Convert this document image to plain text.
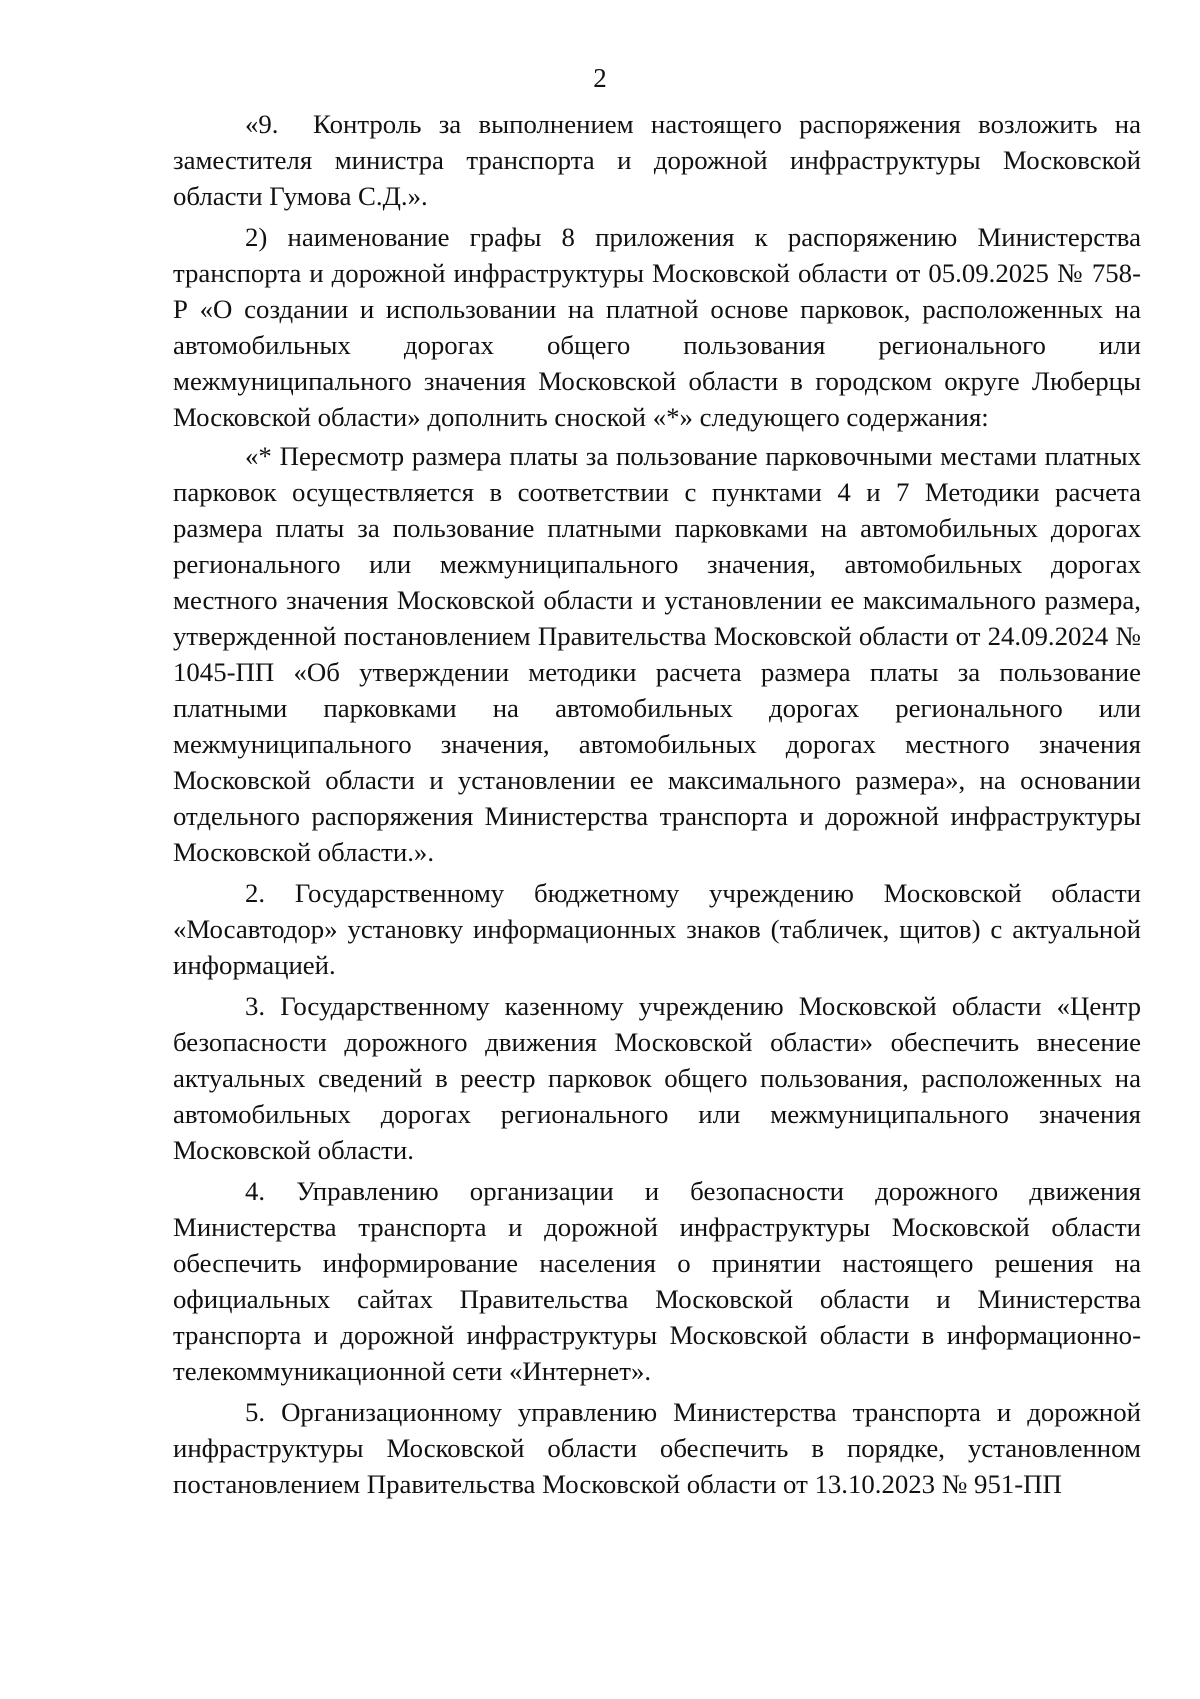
2

«9.  Контроль за выполнением настоящего распоряжения возложить на заместителя министра транспорта и дорожной инфраструктуры Московской области Гумова С.Д.».

2) наименование графы 8 приложения к распоряжению Министерства транспорта и дорожной инфраструктуры Московской области от 05.09.2025 № 758-Р «О создании и использовании на платной основе парковок, расположенных на автомобильных дорогах общего пользования регионального или межмуниципального значения Московской области в городском округе Люберцы Московской области» дополнить сноской «*» следующего содержания:

«* Пересмотр размера платы за пользование парковочными местами платных парковок осуществляется в соответствии с пунктами 4 и 7 Методики расчета размера платы за пользование платными парковками на автомобильных дорогах регионального или межмуниципального значения, автомобильных дорогах местного значения Московской области и установлении ее максимального размера, утвержденной постановлением Правительства Московской области от 24.09.2024 № 1045-ПП «Об утверждении методики расчета размера платы за пользование платными парковками на автомобильных дорогах регионального или межмуниципального значения, автомобильных дорогах местного значения Московской области и установлении ее максимального размера», на основании отдельного распоряжения Министерства транспорта и дорожной инфраструктуры Московской области.».

2. Государственному бюджетному учреждению Московской области «Мосавтодор» установку информационных знаков (табличек, щитов) с актуальной информацией.

3. Государственному казенному учреждению Московской области «Центр безопасности дорожного движения Московской области» обеспечить внесение актуальных сведений в реестр парковок общего пользования, расположенных на автомобильных дорогах регионального или межмуниципального значения Московской области.

4. Управлению организации и безопасности дорожного движения Министерства транспорта и дорожной инфраструктуры Московской области обеспечить информирование населения о принятии настоящего решения на официальных сайтах Правительства Московской области и Министерства транспорта и дорожной инфраструктуры Московской области в информационно-телекоммуникационной сети «Интернет».

5. Организационному управлению Министерства транспорта и дорожной инфраструктуры Московской области обеспечить в порядке, установленном постановлением Правительства Московской области от 13.10.2023 № 951-ПП
